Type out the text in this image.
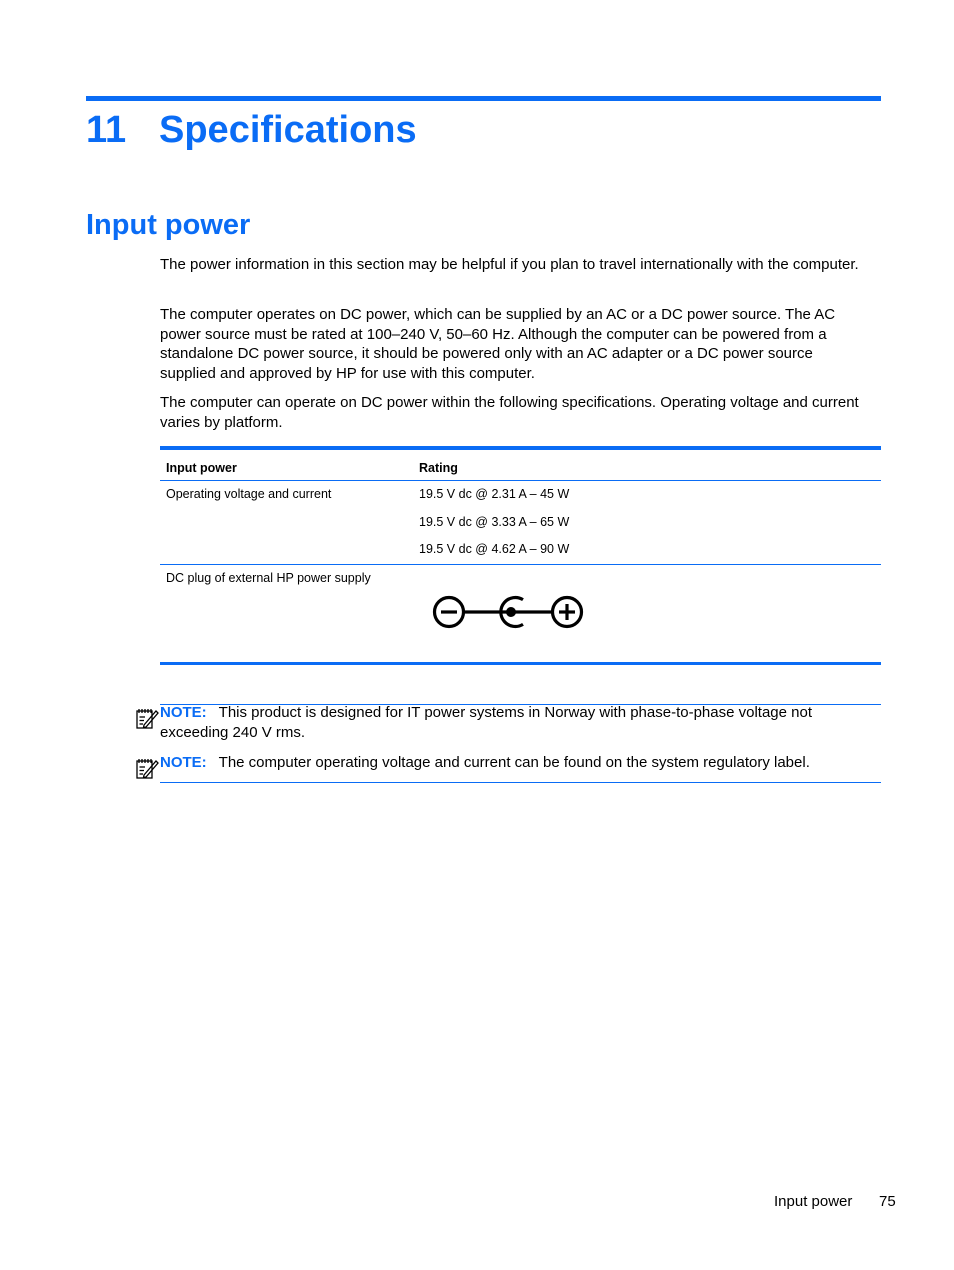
11 Specifications
Input power

The power information in this section may be helpful if you plan to travel internationally with the computer.

The computer operates on DC power, which can be supplied by an AC or a DC power source. The AC power source must be rated at 100–240 V, 50–60 Hz. Although the computer can be powered from a standalone DC power source, it should be powered only with an AC adapter or a DC power source supplied and approved by HP for use with this computer.

The computer can operate on DC power within the following specifications. Operating voltage and current varies by platform.

Input power	Rating
Operating voltage and current	19.5 V dc @ 2.31 A – 45 W
19.5 V dc @ 3.33 A – 65 W
19.5 V dc @ 4.62 A – 90 W
DC plug of external HP power supply

NOTE: This product is designed for IT power systems in Norway with phase-to-phase voltage not exceeding 240 V rms.

NOTE: The computer operating voltage and current can be found on the system regulatory label.

Input power 75
